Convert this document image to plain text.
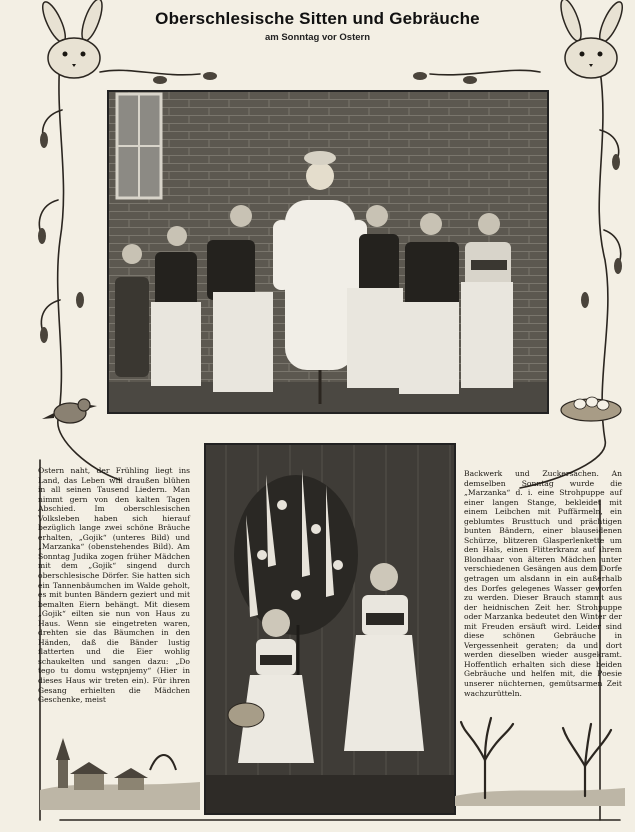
Oberschlesische Sitten und Gebräuche
am Sonntag vor Ostern
Ostern naht, der Frühling liegt ins Land, das Leben will draußen blühen in all seinen Tausend Liedern. Man nimmt gern von den kalten Tagen Abschied. Im oberschlesischen Volksleben haben sich hierauf bezüglich lange zwei schöne Bräuche erhalten, „Gojik“ (unteres Bild) und „Marzanka“ (obenstehendes Bild). Am Sonntag Judika zogen früher Mädchen mit dem „Gojik“ singend durch oberschlesische Dörfer. Sie hatten sich ein Tannenbäumchen im Walde geholt, es mit bunten Bändern geziert und mit bemalten Eiern behängt. Mit diesem „Gojik“ eilten sie nun von Haus zu Haus. Wenn sie eingetreten waren, drehten sie das Bäumchen in den Händen, daß die Bänder lustig flatterten und die Eier wohlig schaukelten und sangen dazu: „Do tego tu domu wstępnjemy“ (Hier in dieses Haus wir treten ein). Für ihren Gesang erhielten die Mädchen Geschenke, meist
Backwerk und Zuckersachen. An demselben Sonntag wurde die „Marzanka“ d. i. eine Strohpuppe auf einer langen Stange, bekleidet mit einem Leibchen mit Puffärmeln, ein geblumtes Brusttuch und prächtigen bunten Bändern, einer blauseidenen Schürze, blitzeren Glasperlenkette um den Hals, einen Flitterkranz auf ihrem Blondhaar von älteren Mädchen unter verschiedenen Gesängen aus dem Dorfe getragen um alsdann in ein außerhalb des Dorfes gelegenes Wasser geworfen zu werden. Dieser Brauch stammt aus der heidnischen Zeit her. Strohpuppe oder Marzanka bedeutet den Winter der mit Freuden ersäuft wird. Leider sind diese schönen Gebräuche in Vergessenheit geraten; da und dort werden dieselben wieder ausgekramt. Hoffentlich erhalten sich diese beiden Gebräuche und helfen mit, die Poesie unserer nüchternen, gemütsarmen Zeit wachzurütteln.
